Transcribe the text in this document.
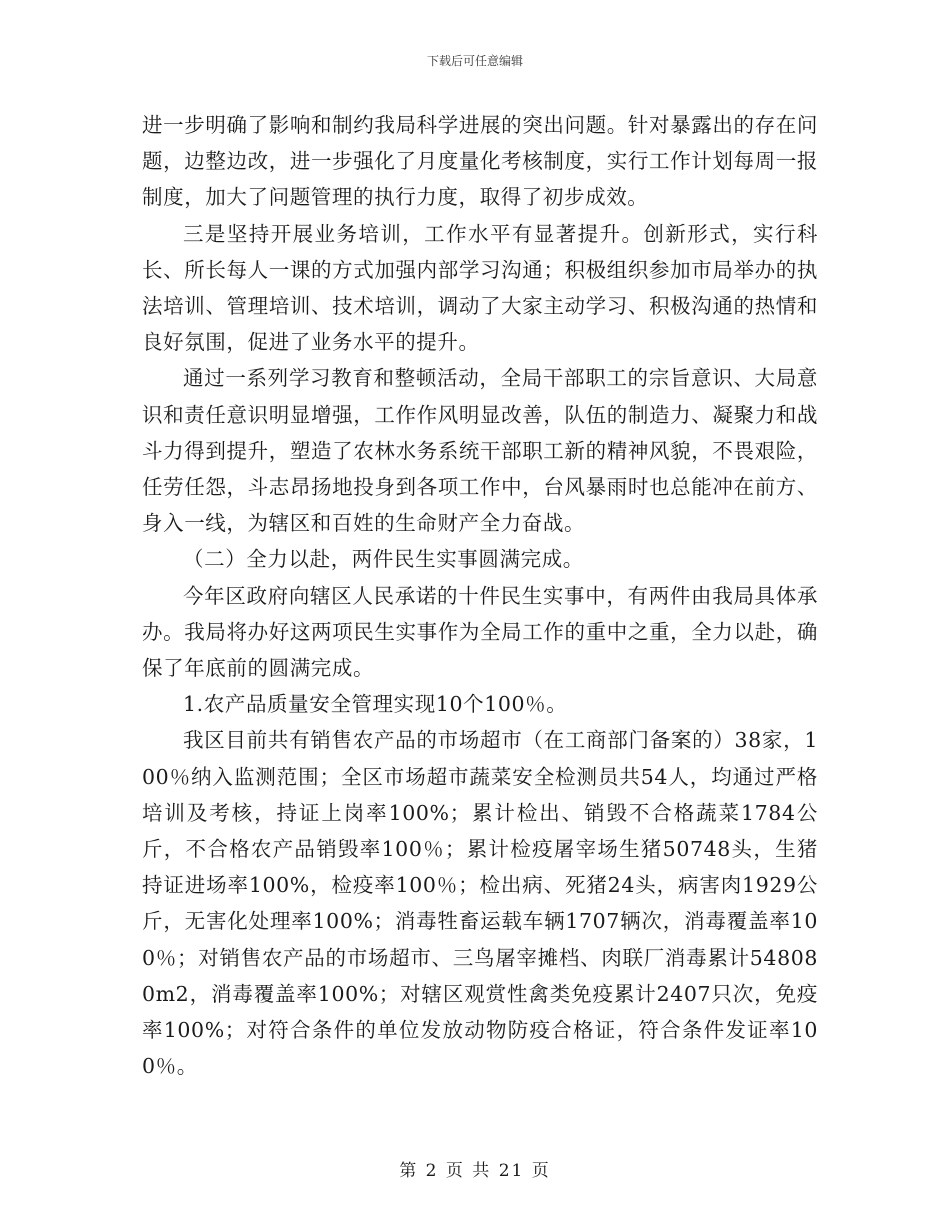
下载后可任意编辑

进一步明确了影响和制约我局科学进展的突出问题。针对暴露出的存在问题，边整边改，进一步强化了月度量化考核制度，实行工作计划每周一报制度，加大了问题管理的执行力度，取得了初步成效。

三是坚持开展业务培训，工作水平有显著提升。创新形式，实行科长、所长每人一课的方式加强内部学习沟通；积极组织参加市局举办的执法培训、管理培训、技术培训，调动了大家主动学习、积极沟通的热情和良好氛围，促进了业务水平的提升。

通过一系列学习教育和整顿活动，全局干部职工的宗旨意识、大局意识和责任意识明显增强，工作作风明显改善，队伍的制造力、凝聚力和战斗力得到提升，塑造了农林水务系统干部职工新的精神风貌，不畏艰险，任劳任怨，斗志昂扬地投身到各项工作中，台风暴雨时也总能冲在前方、身入一线，为辖区和百姓的生命财产全力奋战。

（二）全力以赴，两件民生实事圆满完成。

今年区政府向辖区人民承诺的十件民生实事中，有两件由我局具体承办。我局将办好这两项民生实事作为全局工作的重中之重，全力以赴，确保了年底前的圆满完成。

1.农产品质量安全管理实现10个100％。

我区目前共有销售农产品的市场超市（在工商部门备案的）38家，100％纳入监测范围；全区市场超市蔬菜安全检测员共54人，均通过严格培训及考核，持证上岗率100%；累计检出、销毁不合格蔬菜1784公斤，不合格农产品销毁率100％；累计检疫屠宰场生猪50748头，生猪持证进场率100%，检疫率100％；检出病、死猪24头，病害肉1929公斤，无害化处理率100%；消毒牲畜运载车辆1707辆次，消毒覆盖率100％；对销售农产品的市场超市、三鸟屠宰摊档、肉联厂消毒累计548080m2，消毒覆盖率100%；对辖区观赏性禽类免疫累计2407只次，免疫率100%；对符合条件的单位发放动物防疫合格证，符合条件发证率100％。

第 2 页 共 21 页
